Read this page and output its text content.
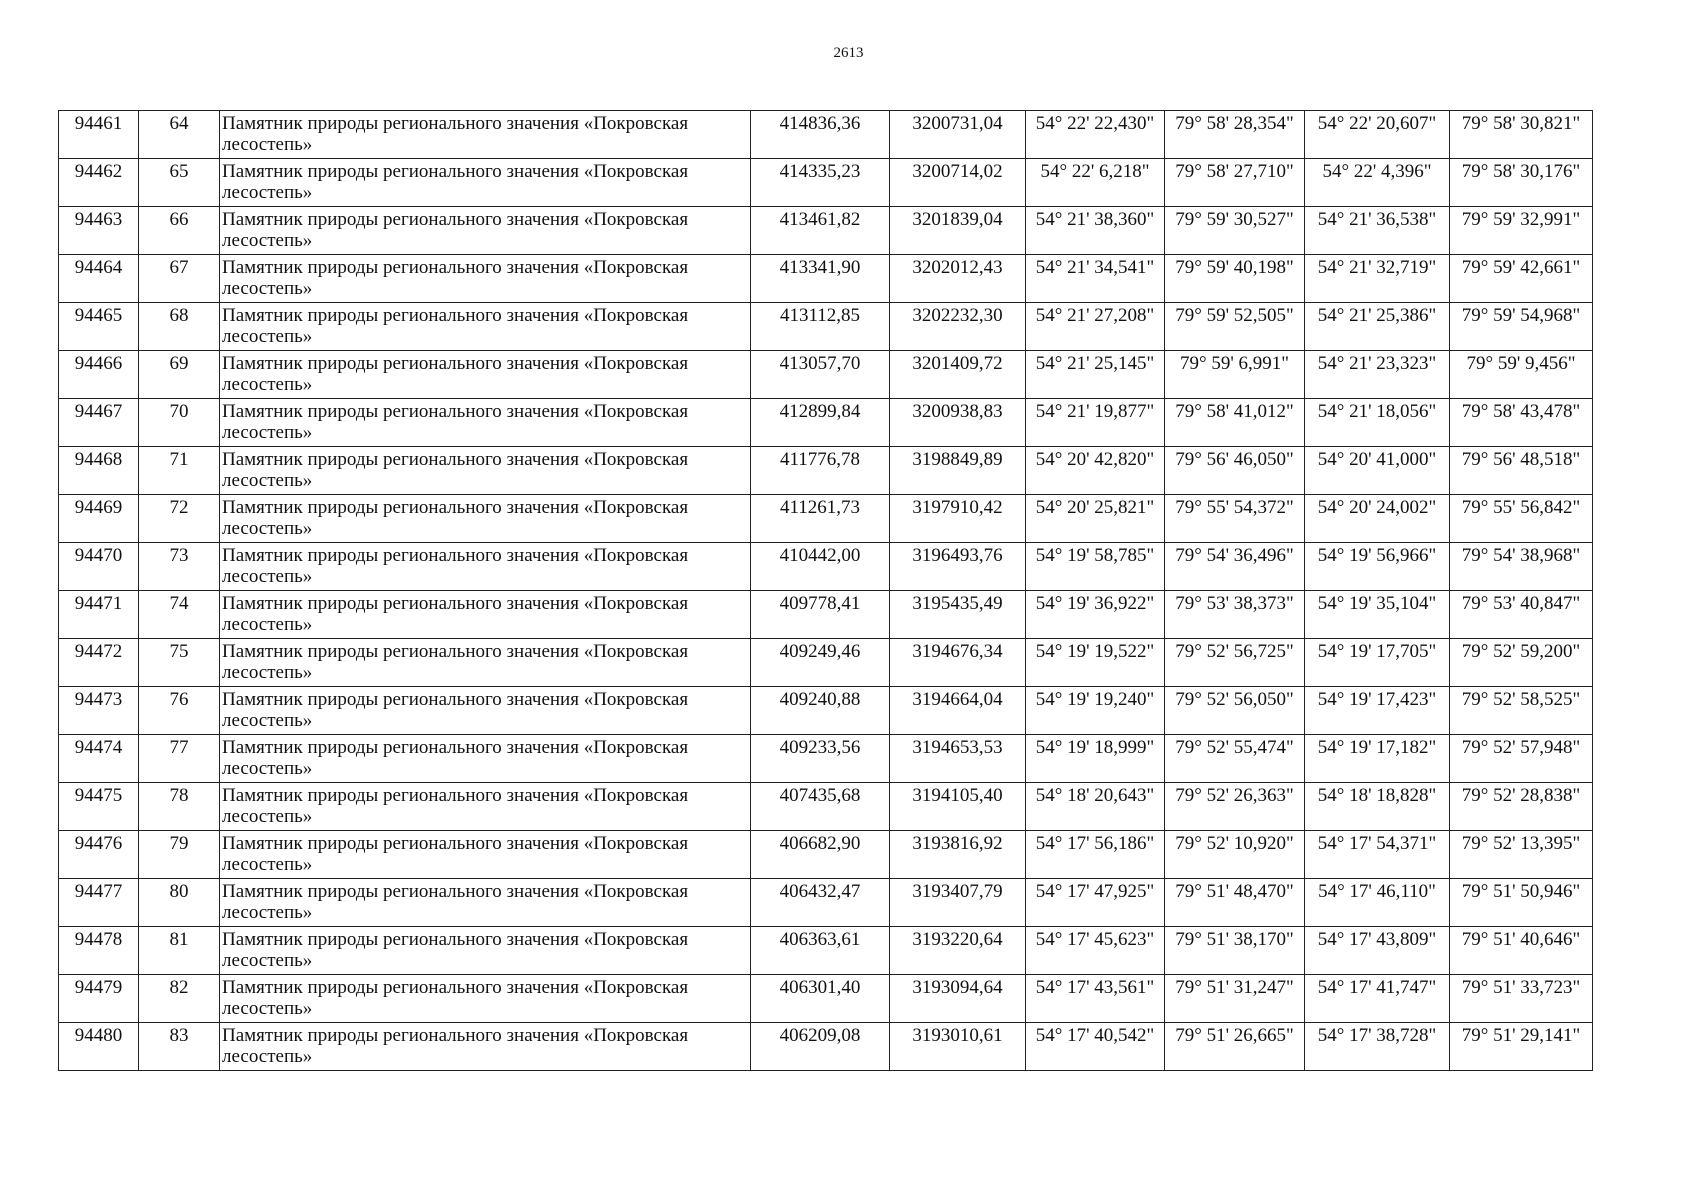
2613
94461	64	Памятник природы регионального значения «Покровская лесостепь»	414836,36	3200731,04	54° 22' 22,430"	79° 58' 28,354"	54° 22' 20,607"	79° 58' 30,821"
94462	65	Памятник природы регионального значения «Покровская лесостепь»	414335,23	3200714,02	54° 22' 6,218"	79° 58' 27,710"	54° 22' 4,396"	79° 58' 30,176"
94463	66	Памятник природы регионального значения «Покровская лесостепь»	413461,82	3201839,04	54° 21' 38,360"	79° 59' 30,527"	54° 21' 36,538"	79° 59' 32,991"
94464	67	Памятник природы регионального значения «Покровская лесостепь»	413341,90	3202012,43	54° 21' 34,541"	79° 59' 40,198"	54° 21' 32,719"	79° 59' 42,661"
94465	68	Памятник природы регионального значения «Покровская лесостепь»	413112,85	3202232,30	54° 21' 27,208"	79° 59' 52,505"	54° 21' 25,386"	79° 59' 54,968"
94466	69	Памятник природы регионального значения «Покровская лесостепь»	413057,70	3201409,72	54° 21' 25,145"	79° 59' 6,991"	54° 21' 23,323"	79° 59' 9,456"
94467	70	Памятник природы регионального значения «Покровская лесостепь»	412899,84	3200938,83	54° 21' 19,877"	79° 58' 41,012"	54° 21' 18,056"	79° 58' 43,478"
94468	71	Памятник природы регионального значения «Покровская лесостепь»	411776,78	3198849,89	54° 20' 42,820"	79° 56' 46,050"	54° 20' 41,000"	79° 56' 48,518"
94469	72	Памятник природы регионального значения «Покровская лесостепь»	411261,73	3197910,42	54° 20' 25,821"	79° 55' 54,372"	54° 20' 24,002"	79° 55' 56,842"
94470	73	Памятник природы регионального значения «Покровская лесостепь»	410442,00	3196493,76	54° 19' 58,785"	79° 54' 36,496"	54° 19' 56,966"	79° 54' 38,968"
94471	74	Памятник природы регионального значения «Покровская лесостепь»	409778,41	3195435,49	54° 19' 36,922"	79° 53' 38,373"	54° 19' 35,104"	79° 53' 40,847"
94472	75	Памятник природы регионального значения «Покровская лесостепь»	409249,46	3194676,34	54° 19' 19,522"	79° 52' 56,725"	54° 19' 17,705"	79° 52' 59,200"
94473	76	Памятник природы регионального значения «Покровская лесостепь»	409240,88	3194664,04	54° 19' 19,240"	79° 52' 56,050"	54° 19' 17,423"	79° 52' 58,525"
94474	77	Памятник природы регионального значения «Покровская лесостепь»	409233,56	3194653,53	54° 19' 18,999"	79° 52' 55,474"	54° 19' 17,182"	79° 52' 57,948"
94475	78	Памятник природы регионального значения «Покровская лесостепь»	407435,68	3194105,40	54° 18' 20,643"	79° 52' 26,363"	54° 18' 18,828"	79° 52' 28,838"
94476	79	Памятник природы регионального значения «Покровская лесостепь»	406682,90	3193816,92	54° 17' 56,186"	79° 52' 10,920"	54° 17' 54,371"	79° 52' 13,395"
94477	80	Памятник природы регионального значения «Покровская лесостепь»	406432,47	3193407,79	54° 17' 47,925"	79° 51' 48,470"	54° 17' 46,110"	79° 51' 50,946"
94478	81	Памятник природы регионального значения «Покровская лесостепь»	406363,61	3193220,64	54° 17' 45,623"	79° 51' 38,170"	54° 17' 43,809"	79° 51' 40,646"
94479	82	Памятник природы регионального значения «Покровская лесостепь»	406301,40	3193094,64	54° 17' 43,561"	79° 51' 31,247"	54° 17' 41,747"	79° 51' 33,723"
94480	83	Памятник природы регионального значения «Покровская лесостепь»	406209,08	3193010,61	54° 17' 40,542"	79° 51' 26,665"	54° 17' 38,728"	79° 51' 29,141"
